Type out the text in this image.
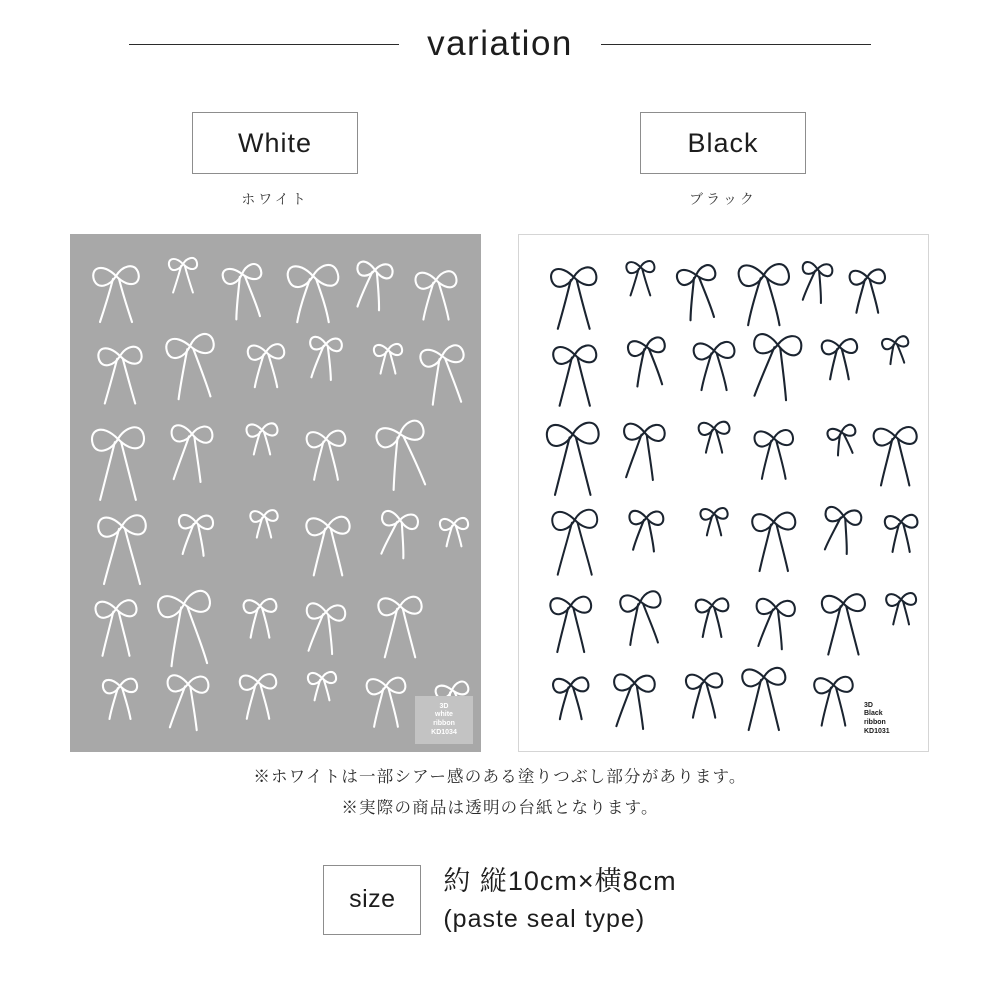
variation
White
ホワイト
3D
white
ribbon
KD1034
Black
ブラック
3D
Black
ribbon
KD1031
※ホワイトは一部シアー感のある塗りつぶし部分があります。
※実際の商品は透明の台紙となります。
size
約 縦10cm×横8cm
(paste seal type)
